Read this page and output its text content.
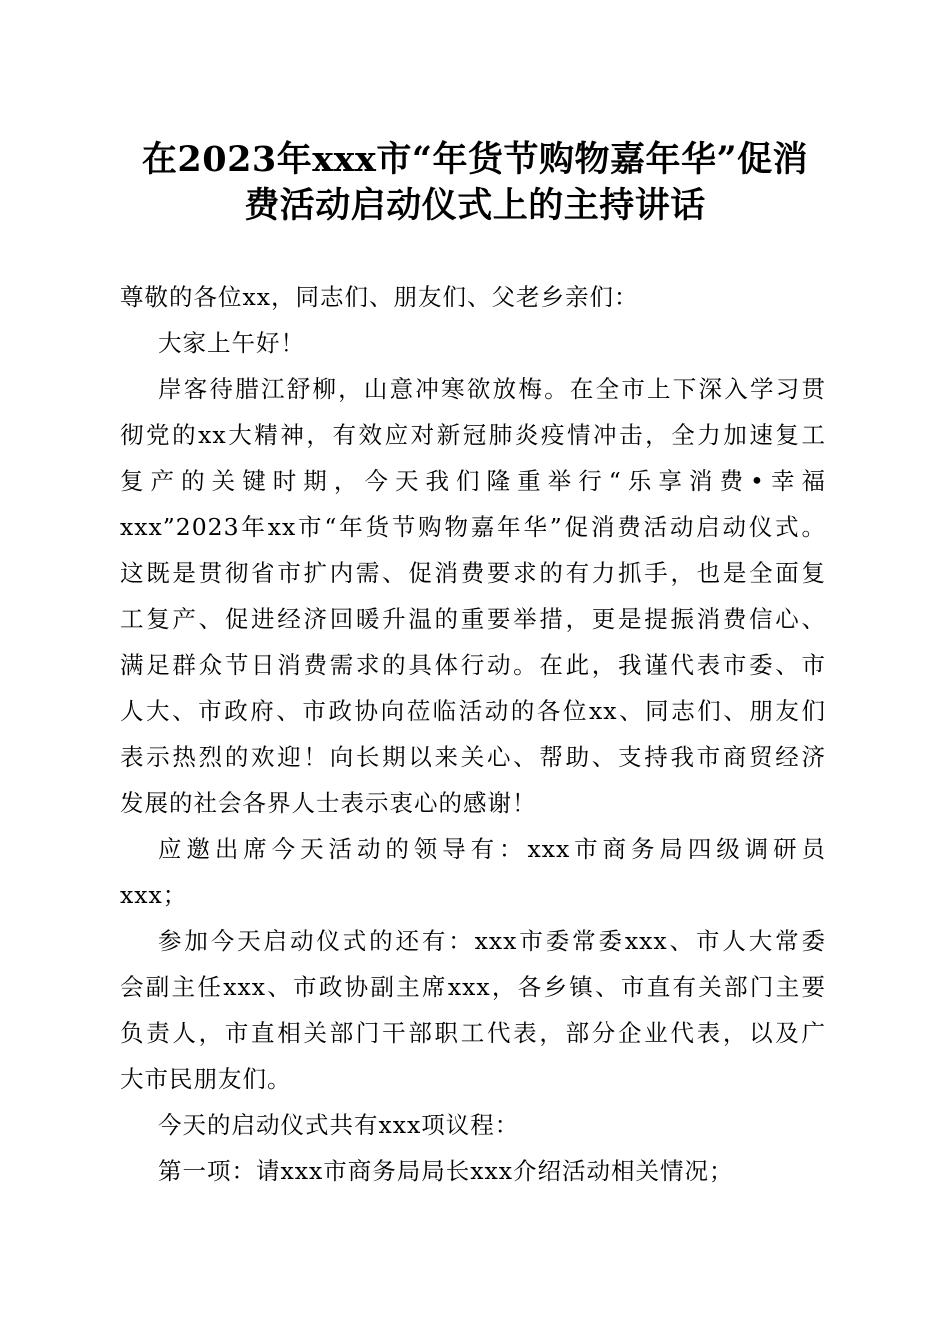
在2023年xxx市“年货节购物嘉年华”促消
费活动启动仪式上的主持讲话
尊敬的各位xx，同志们、朋友们、父老乡亲们：
大家上午好！
岸客待腊江舒柳，山意冲寒欲放梅。在全市上下深入学习贯
彻党的xx大精神，有效应对新冠肺炎疫情冲击，全力加速复工
复产的关键时期，今天我们隆重举行“乐享消费•幸福
xxx”2023年xx市“年货节购物嘉年华”促消费活动启动仪式。
这既是贯彻省市扩内需、促消费要求的有力抓手，也是全面复
工复产、促进经济回暖升温的重要举措，更是提振消费信心、
满足群众节日消费需求的具体行动。在此，我谨代表市委、市
人大、市政府、市政协向莅临活动的各位xx、同志们、朋友们
表示热烈的欢迎！向长期以来关心、帮助、支持我市商贸经济
发展的社会各界人士表示衷心的感谢！
应邀出席今天活动的领导有：xxx市商务局四级调研员
xxx；
参加今天启动仪式的还有：xxx市委常委xxx、市人大常委
会副主任xxx、市政协副主席xxx，各乡镇、市直有关部门主要
负责人，市直相关部门干部职工代表，部分企业代表，以及广
大市民朋友们。
今天的启动仪式共有xxx项议程：
第一项：请xxx市商务局局长xxx介绍活动相关情况；
